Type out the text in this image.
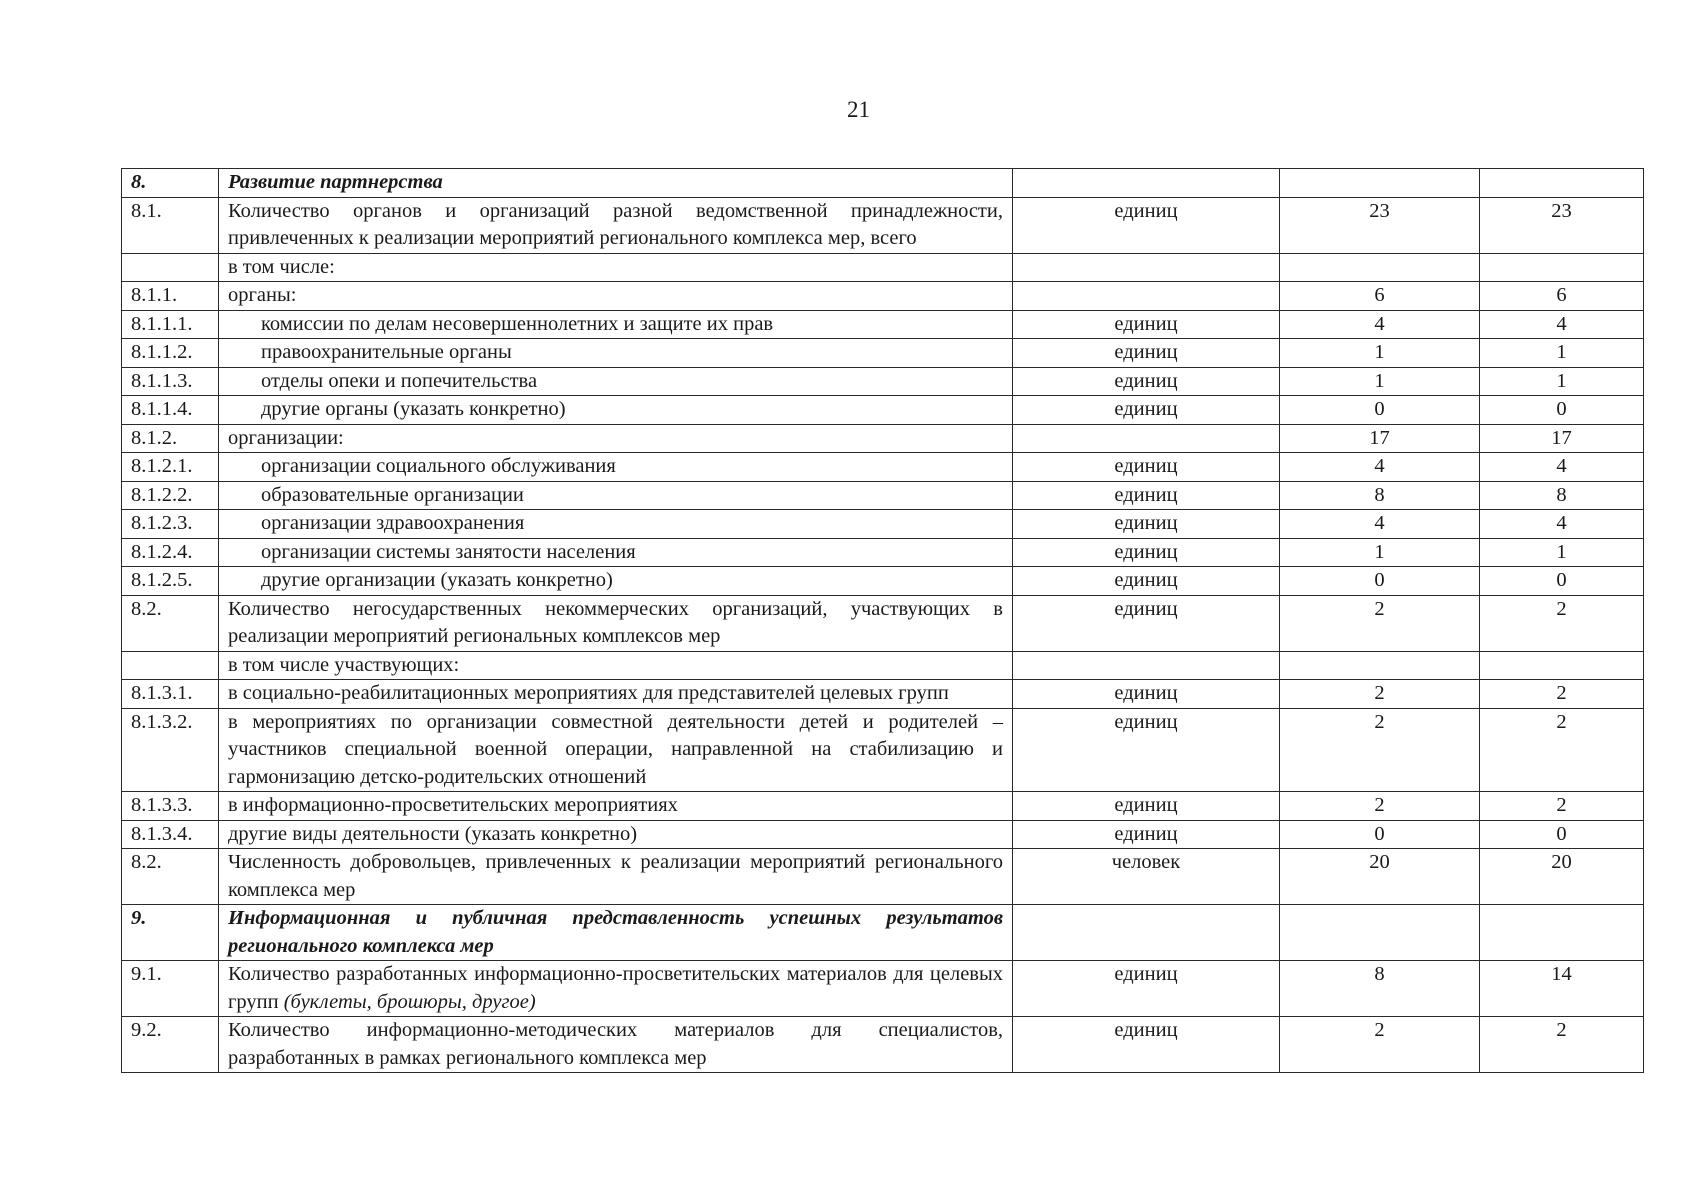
21
8.	Развитие партнерства			
8.1.	Количество органов и организаций разной ведомственной принадлежности, привлеченных к реализации мероприятий регионального комплекса мер, всего	единиц	23	23
	в том числе:			
8.1.1.	органы:		6	6
8.1.1.1.	комиссии по делам несовершеннолетних и защите их прав	единиц	4	4
8.1.1.2.	правоохранительные органы	единиц	1	1
8.1.1.3.	отделы опеки и попечительства	единиц	1	1
8.1.1.4.	другие органы (указать конкретно)	единиц	0	0
8.1.2.	организации:		17	17
8.1.2.1.	организации социального обслуживания	единиц	4	4
8.1.2.2.	образовательные организации	единиц	8	8
8.1.2.3.	организации здравоохранения	единиц	4	4
8.1.2.4.	организации системы занятости населения	единиц	1	1
8.1.2.5.	другие организации (указать конкретно)	единиц	0	0
8.2.	Количество негосударственных некоммерческих организаций, участвующих в реализации мероприятий региональных комплексов мер	единиц	2	2
	в том числе участвующих:			
8.1.3.1.	в социально-реабилитационных мероприятиях для представителей целевых групп	единиц	2	2
8.1.3.2.	в мероприятиях по организации совместной деятельности детей и родителей – участников специальной военной операции, направленной на стабилизацию и гармонизацию детско-родительских отношений	единиц	2	2
8.1.3.3.	в информационно-просветительских мероприятиях	единиц	2	2
8.1.3.4.	другие виды деятельности (указать конкретно)	единиц	0	0
8.2.	Численность добровольцев, привлеченных к реализации мероприятий регионального комплекса мер	человек	20	20
9.	Информационная и публичная представленность успешных результатов регионального комплекса мер			
9.1.	Количество разработанных информационно-просветительских материалов для целевых групп (буклеты, брошюры, другое)	единиц	8	14
9.2.	Количество информационно-методических материалов для специалистов, разработанных в рамках регионального комплекса мер	единиц	2	2
